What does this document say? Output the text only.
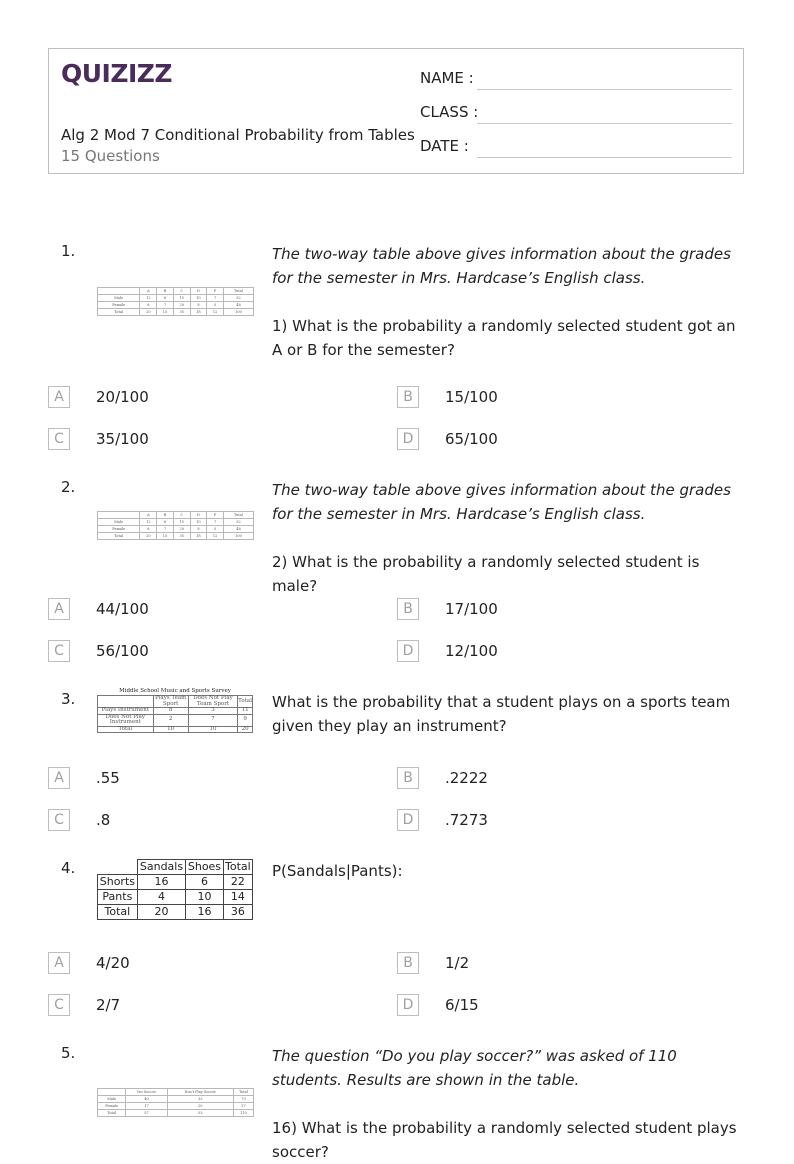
QUIZIZZ
Alg 2 Mod 7 Conditional Probability from Tables
15 Questions
NAME :
CLASS :
DATE :
1.
	A	B	C	D	F	Total
Male	12	8	15	10	7	52
Female	8	7	20	8	5	48
Total	20	15	35	18	12	100

The two-way table above gives information about the grades for the semester in Mrs. Hardcase’s English class.

1) What is the probability a randomly selected student got an A or B for the semester?

A	20/100	B	15/100
C	35/100	D	65/100
2.
	A	B	C	D	F	Total
Male	12	8	15	10	7	52
Female	8	7	20	8	5	48
Total	20	15	35	18	12	100

The two-way table above gives information about the grades for the semester in Mrs. Hardcase’s English class.

2) What is the probability a randomly selected student is male?

A	44/100	B	17/100
C	56/100	D	12/100
3.	Middle School Music and Sports Survey
	Plays Team Sport	Does Not Play Team Sport	Total
Plays Instrument	8	3	11
Does Not Play Instrument	2	7	9
Total	10	10	20

What is the probability that a student plays on a sports team given they play an instrument?

A	.55	B	.2222
C	.8	D	.7273
4.
		Sandals	Shoes	Total
Shorts	16	6	22
Pants	4	10	14
Total	20	16	36

P(Sandals|Pants):

A	4/20	B	1/2
C	2/7	D	6/15
5.
	Yes Soccer	Don't Play Soccer	Total
Male	40	33	73
Female	17	20	37
Total	57	53	110

The question “Do you play soccer?” was asked of 110 students. Results are shown in the table.

16) What is the probability a randomly selected student plays soccer?
